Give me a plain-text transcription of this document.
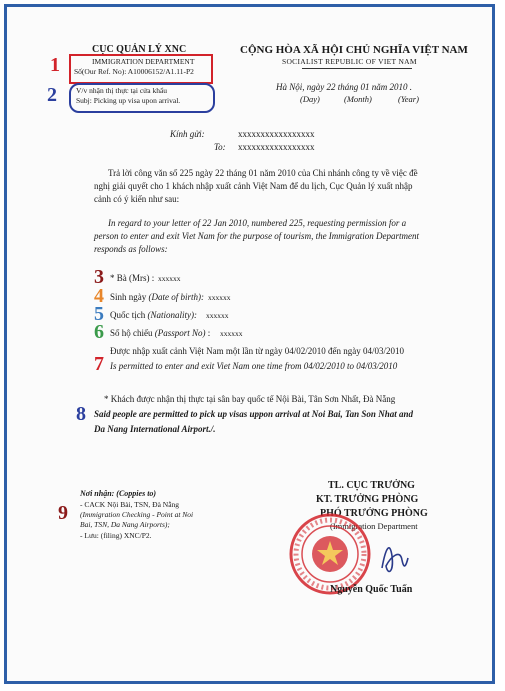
CỤC QUẢN LÝ XNC
IMMIGRATION DEPARTMENT
Số(Our Ref. No): A10006152/A1.11-P2
1
V/v nhận thị thực tại cửa khẩu
Subj: Picking up visa upon arrival.
2
CỘNG HÒA XÃ HỘI CHỦ NGHĨA VIỆT NAM
SOCIALIST REPUBLIC OF VIET NAM
Hà Nội, ngày 22 tháng 01 năm 2010 .
(Day)	(Month)	(Year)
Kính gửi:	xxxxxxxxxxxxxxxxx
To: xxxxxxxxxxxxxxxxx
Trả lời công văn số 225 ngày 22 tháng 01 năm 2010 của Chi nhánh công ty về việc đề
nghị giải quyết cho 1 khách nhập xuất cảnh Việt Nam để du lịch, Cục Quản lý xuất nhập
cảnh có ý kiến như sau:
In regard to your letter of 22 Jan 2010, numbered 225, requesting permission for a
person to enter and exit Viet Nam for the purpose of tourism, the Immigration Department
responds as follows:
3 * Bà (Mrs) : xxxxxx
4 Sinh ngày (Date of birth): xxxxxx
5 Quốc tịch (Nationality): xxxxxx
6 Số hộ chiếu (Passport No) : xxxxxx
Được nhập xuất cảnh Việt Nam một lần từ ngày 04/02/2010 đến ngày 04/03/2010
7 Is permitted to enter and exit Viet Nam one time from 04/02/2010 to 04/03/2010
* Khách được nhận thị thực tại sân bay quốc tế Nội Bài, Tân Sơn Nhất, Đà Nẵng
8 Said people are permitted to pick up visas uppon arrival at Noi Bai, Tan Son Nhat and
Da Nang International Airport./.
Nơi nhận: (Coppies to)
- CACK Nội Bài, TSN, Đà Nẵng
(Immigration Checking - Point at Noi
Bai, TSN, Da Nang Airports);
- Lưu: (filing) XNC/P2.
9
TL. CỤC TRƯỞNG
KT. TRƯỞNG PHÒNG
PHÓ TRƯỞNG PHÒNG
(Immigration Department
Nguyễn Quốc Tuấn
